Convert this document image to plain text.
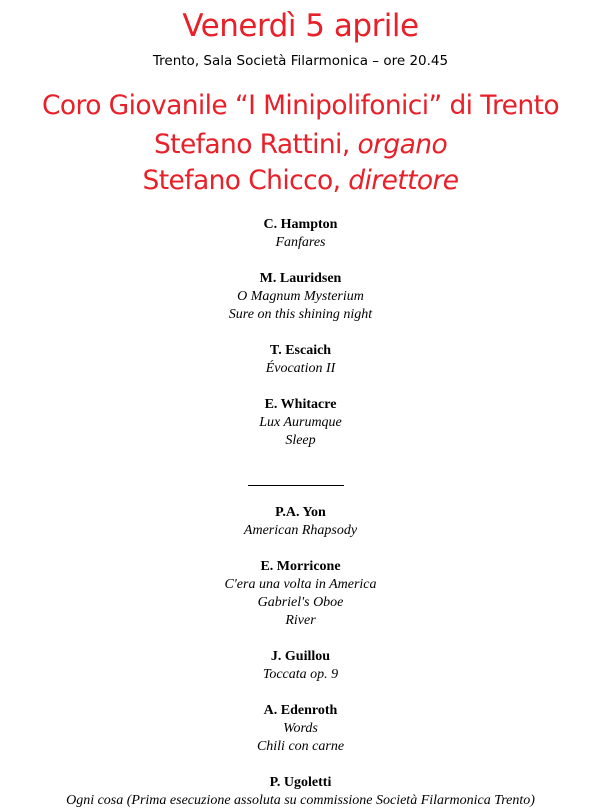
Venerdì 5 aprile
Trento, Sala Società Filarmonica – ore 20.45
Coro Giovanile “I Minipolifonici” di Trento
Stefano Rattini, organo
Stefano Chicco, direttore
C. Hampton
Fanfares
M. Lauridsen
O Magnum Mysterium
Sure on this shining night
T. Escaich
Évocation II
E. Whitacre
Lux Aurumque
Sleep
P.A. Yon
American Rhapsody
E. Morricone
C'era una volta in America
Gabriel's Oboe
River
J. Guillou
Toccata op. 9
A. Edenroth
Words
Chili con carne
P. Ugoletti
Ogni cosa (Prima esecuzione assoluta su commissione Società Filarmonica Trento)
